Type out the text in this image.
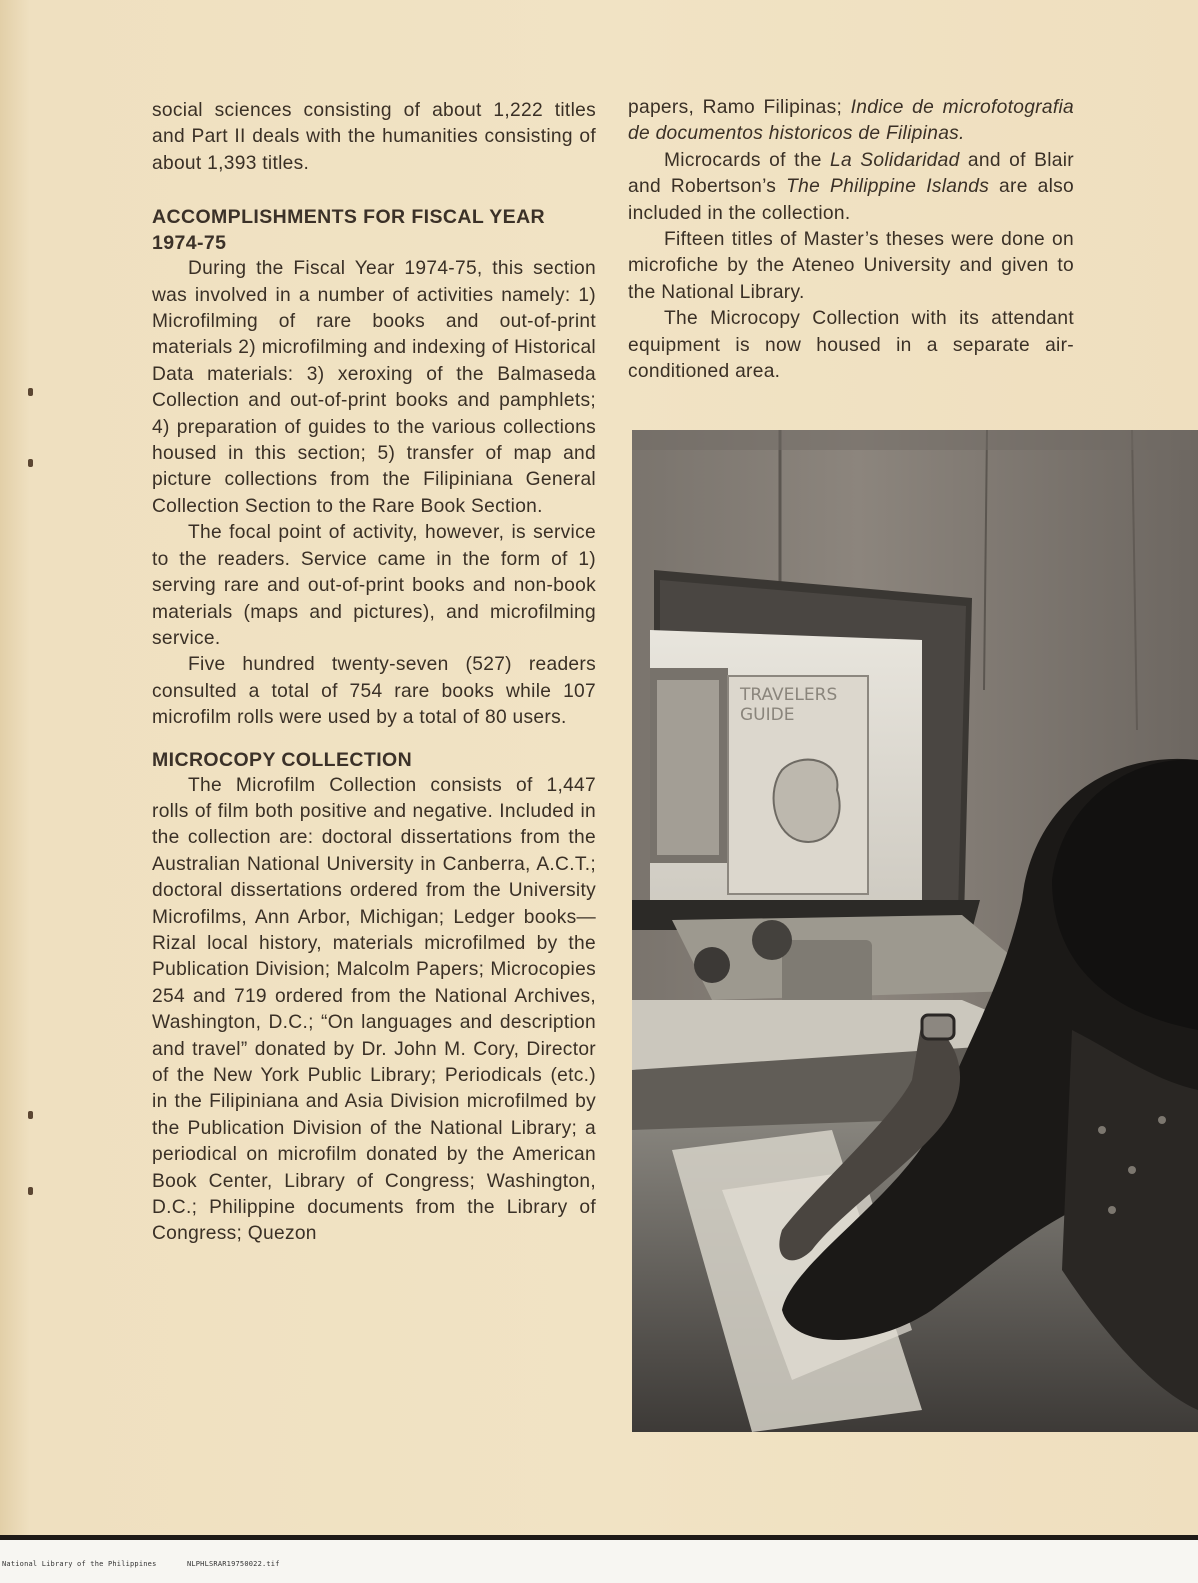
social sciences consisting of about 1,222 titles and Part II deals with the humanities consisting of about 1,393 titles.

ACCOMPLISHMENTS FOR FISCAL YEAR 1974-75

During the Fiscal Year 1974-75, this section was involved in a number of activities namely: 1) Microfilming of rare books and out-of-print materials 2) microfilming and indexing of Historical Data materials: 3) xeroxing of the Balmaseda Collection and out-of-print books and pamphlets; 4) preparation of guides to the various collections housed in this section; 5) transfer of map and picture collections from the Filipiniana General Collection Section to the Rare Book Section.

The focal point of activity, however, is service to the readers. Service came in the form of 1) serving rare and out-of-print books and non-book materials (maps and pictures), and microfilming service.

Five hundred twenty-seven (527) readers consulted a total of 754 rare books while 107 microfilm rolls were used by a total of 80 users.

MICROCOPY COLLECTION

The Microfilm Collection consists of 1,447 rolls of film both positive and negative. Included in the collection are: doctoral dissertations from the Australian National University in Canberra, A.C.T.; doctoral dissertations ordered from the University Microfilms, Ann Arbor, Michigan; Ledger books—Rizal local history, materials microfilmed by the Publication Division; Malcolm Papers; Microcopies 254 and 719 ordered from the National Archives, Washington, D.C.; “On languages and description and travel” donated by Dr. John M. Cory, Director of the New York Public Library; Periodicals (etc.) in the Filipiniana and Asia Division microfilmed by the Publication Division of the National Library; a periodical on microfilm donated by the American Book Center, Library of Congress; Washington, D.C.; Philippine documents from the Library of Congress; Quezon

papers, Ramo Filipinas; Indice de microfotografia de documentos historicos de Filipinas.

Microcards of the La Solidaridad and of Blair and Robertson’s The Philippine Islands are also included in the collection.

Fifteen titles of Master’s theses were done on microfiche by the Ateneo University and given to the National Library.

The Microcopy Collection with its attendant equipment is now housed in a separate air-conditioned area.

TRAVELERS
GUIDE
National Library of the Philippines	NLPHLSRAR19750022.tif
